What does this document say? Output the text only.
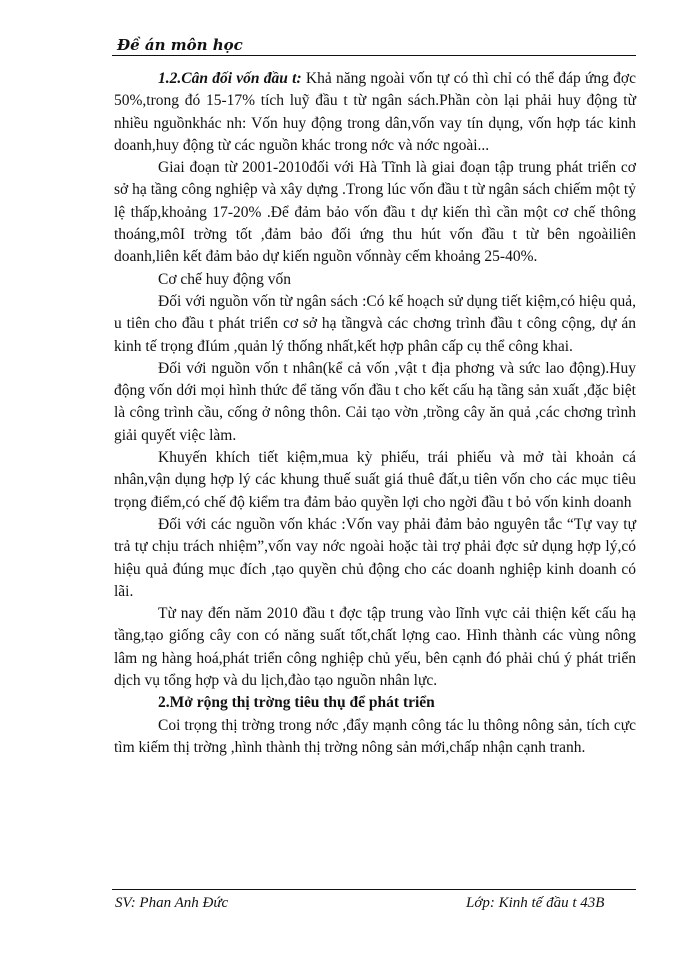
Đề án môn học

1.2.Cân đối vốn đầu t: Khả năng ngoài vốn tự có thì chỉ có thể đáp ứng đợc 50%,trong đó 15-17% tích luỹ đầu t từ ngân sách.Phần còn lại phải huy động từ nhiều nguồnkhác nh: Vốn huy động trong dân,vốn vay tín dụng, vốn hợp tác kinh doanh,huy động từ các nguồn khác trong nớc và nớc ngoài...

Giai đoạn từ 2001-2010đối với Hà Tĩnh là giai đoạn tập trung phát triển cơ sở hạ tầng công nghiệp và xây dựng .Trong lúc vốn đầu t từ ngân sách chiếm một tỷ lệ thấp,khoảng 17-20% .Để đảm bảo vốn đầu t dự kiến thì cần một cơ chế thông thoáng,môI trờng tốt ,đảm bảo đối ứng thu hút vốn đầu t từ bên ngoàiliên doanh,liên kết đảm bảo dự kiến nguồn vốnnày cếm khoảng 25-40%.

Cơ chế huy động vốn

Đối với nguồn vốn từ ngân sách :Có kế hoạch sử dụng tiết kiệm,có hiệu quả, u tiên cho đầu t phát triển cơ sở hạ tầngvà các chơng trình đầu t công cộng, dự án kinh tế trọng đIúm ,quản lý thống nhất,kết hợp phân cấp cụ thể công khai.

Đối với nguồn vốn t nhân(kể cả vốn ,vật t địa phơng và sức lao động).Huy động vốn dới mọi hình thức để tăng vốn đầu t cho kết cấu hạ tầng sản xuất ,đặc biệt là công trình cầu, cống ở nông thôn. Cải tạo vờn ,trồng cây ăn quả ,các chơng trình giải quyết việc làm.

Khuyến khích tiết kiệm,mua kỳ phiếu, trái phiếu và mở tài khoản cá nhân,vận dụng hợp lý các khung thuế suất giá thuê đất,u tiên vốn cho các mục tiêu trọng điểm,có chế độ kiểm tra đảm bảo quyền lợi cho ngời đầu t bỏ vốn kinh doanh

Đối với các nguồn vốn khác :Vốn vay phải đảm bảo nguyên tắc “Tự vay tự trả tự chịu trách nhiệm”,vốn vay nớc ngoài hoặc tài trợ phải đợc sử dụng hợp lý,có hiệu quả đúng mục đích ,tạo quyền chủ động cho các doanh nghiệp kinh doanh có lãi.

Từ nay đến năm 2010 đầu t đợc tập trung vào lĩnh vực cải thiện kết cấu hạ tầng,tạo giống cây con có năng suất tốt,chất lợng cao. Hình thành các vùng nông lâm ng hàng hoá,phát triển công nghiệp chủ yếu, bên cạnh đó phải chú ý phát triển dịch vụ tổng hợp và du lịch,đào tạo nguồn nhân lực.

2.Mở rộng thị trờng tiêu thụ để phát triển

Coi trọng thị trờng trong nớc ,đẩy mạnh công tác lu thông nông sản, tích cực tìm kiếm thị trờng ,hình thành thị trờng nông sản mới,chấp nhận cạnh tranh.

SV: Phan Anh Đức	Lớp: Kinh tế đầu t 43B
